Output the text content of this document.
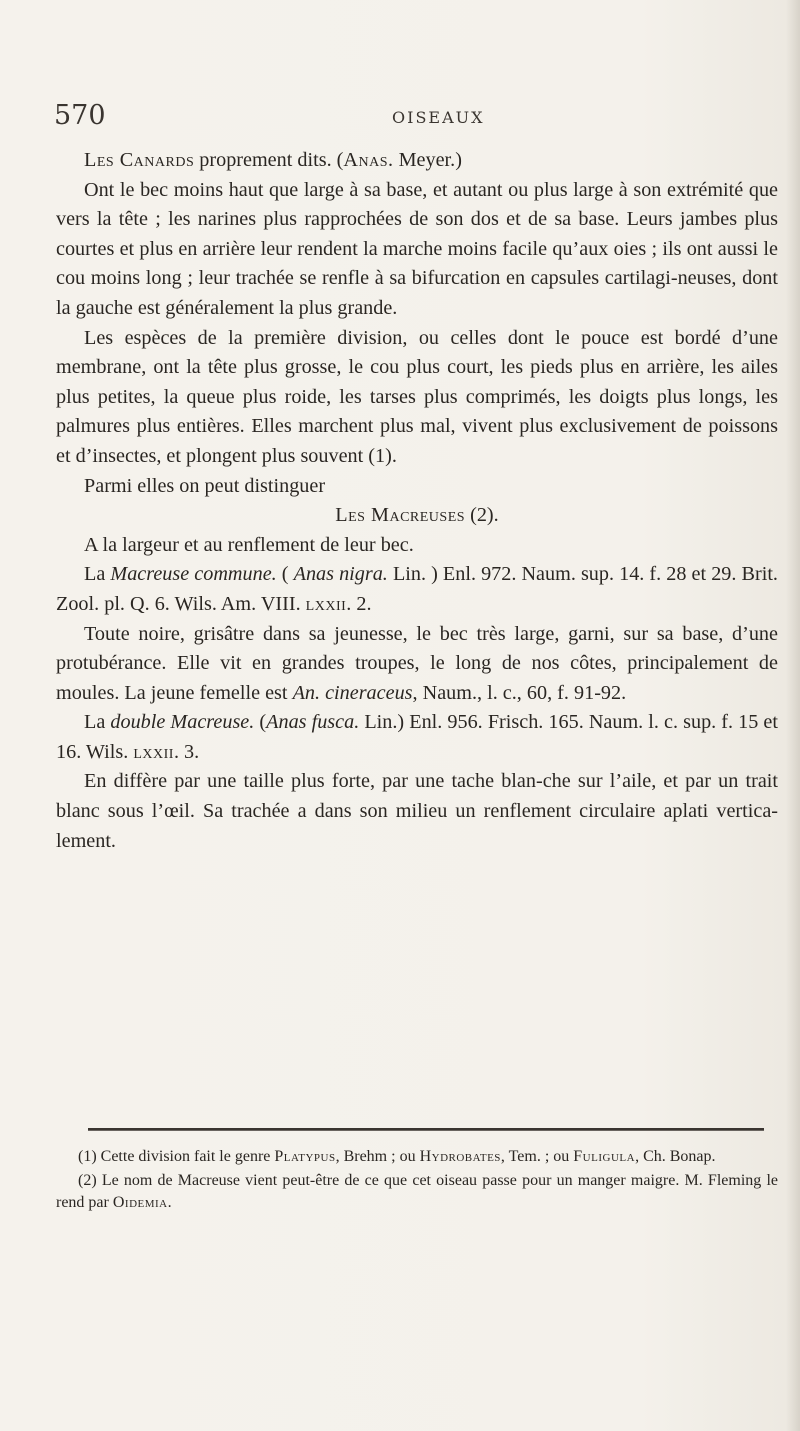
570	OISEAUX

Les Canards proprement dits. (Anas. Meyer.)

Ont le bec moins haut que large à sa base, et autant ou plus large à son extrémité que vers la tête ; les narines plus rapprochées de son dos et de sa base. Leurs jambes plus courtes et plus en arrière leur rendent la marche moins facile qu’aux oies ; ils ont aussi le cou moins long ; leur trachée se renfle à sa bifurcation en capsules cartilagi-neuses, dont la gauche est généralement la plus grande.

Les espèces de la première division, ou celles dont le pouce est bordé d’une membrane, ont la tête plus grosse, le cou plus court, les pieds plus en arrière, les ailes plus petites, la queue plus roide, les tarses plus comprimés, les doigts plus longs, les palmures plus entières. Elles marchent plus mal, vivent plus exclusivement de poissons et d’insectes, et plongent plus souvent (1).

Parmi elles on peut distinguer

Les Macreuses (2).

A la largeur et au renflement de leur bec.

La Macreuse commune. ( Anas nigra. Lin. ) Enl. 972. Naum. sup. 14. f. 28 et 29. Brit. Zool. pl. Q. 6. Wils. Am. VIII. lxxii. 2.

Toute noire, grisâtre dans sa jeunesse, le bec très large, garni, sur sa base, d’une protubérance. Elle vit en grandes troupes, le long de nos côtes, principalement de moules. La jeune femelle est An. cineraceus, Naum., l. c., 60, f. 91-92.

La double Macreuse. (Anas fusca. Lin.) Enl. 956. Frisch. 165. Naum. l. c. sup. f. 15 et 16. Wils. lxxii. 3.

En diffère par une taille plus forte, par une tache blan-che sur l’aile, et par un trait blanc sous l’œil. Sa trachée a dans son milieu un renflement circulaire aplati vertica-lement.

(1) Cette division fait le genre Platypus, Brehm ; ou Hydrobates, Tem. ; ou Fuligula, Ch. Bonap.

(2) Le nom de Macreuse vient peut-être de ce que cet oiseau passe pour un manger maigre. M. Fleming le rend par Oidemia.
